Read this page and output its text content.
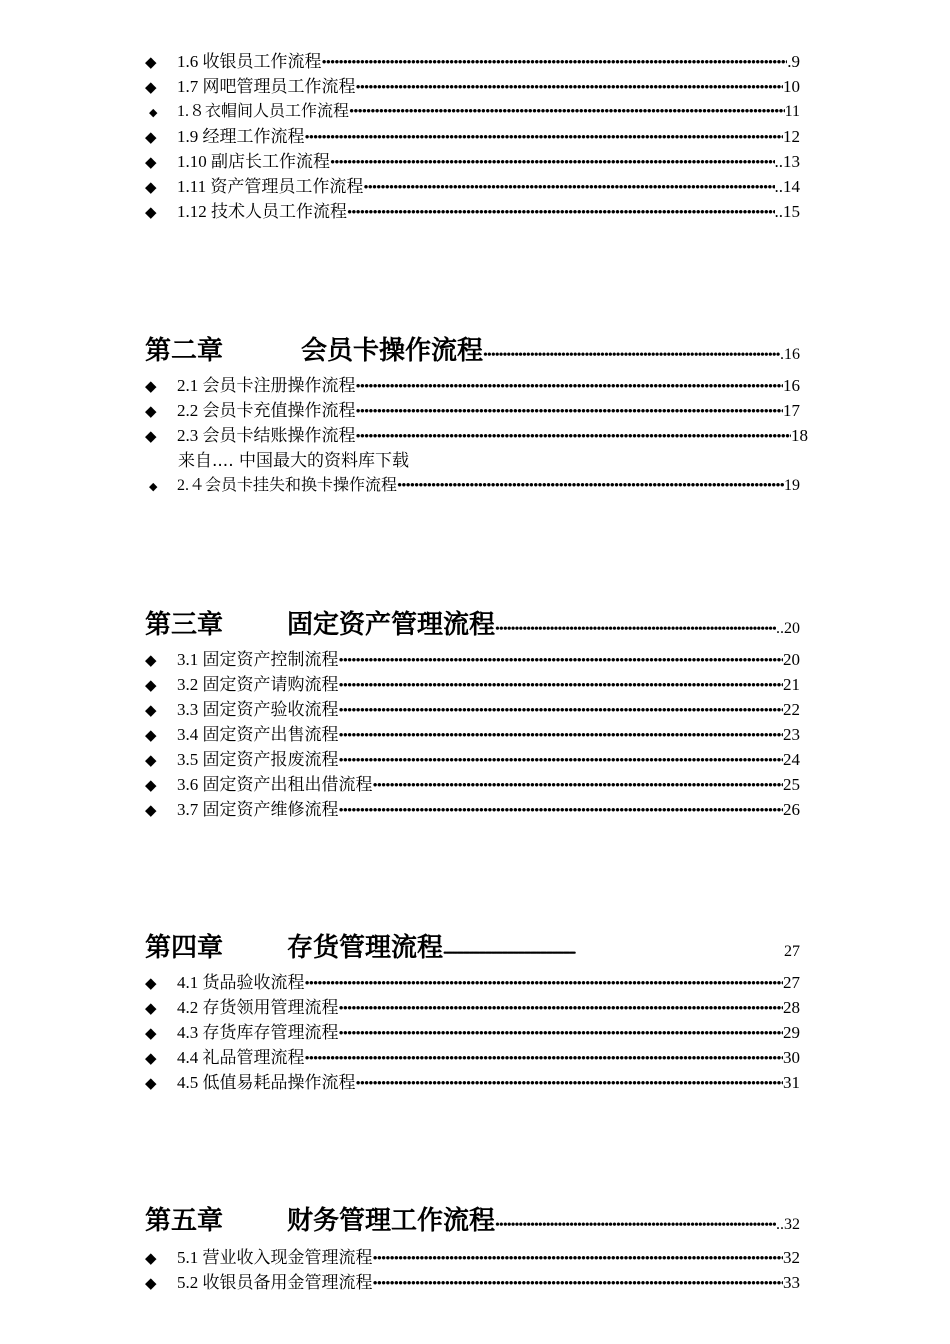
◆	1.6 收银员工作流程 •••••	.9
◆	1.7 网吧管理员工作流程 •••••	10
◆	1.８衣帽间人员工作流程 •••••	11
◆	1.9 经理工作流程 •••••	12
◆	1.10 副店长工作流程 •••••	..13
◆	1.11 资产管理员工作流程 •••••	..14
◆	1.12 技术人员工作流程 •••••	..15
第二章	会员卡操作流程 •••••	.16
◆	2.1 会员卡注册操作流程 •••••	16
◆	2.2 会员卡充值操作流程 •••••	17
◆	2.3 会员卡结账操作流程 •••••	18
来自.... 中国最大的资料库下载
◆	2.４会员卡挂失和换卡操作流程 •••••	19
第三章	固定资产管理流程 •••••	..20
◆	3.1 固定资产控制流程 •••••	20
◆	3.2 固定资产请购流程 •••••	21
◆	3.3 固定资产验收流程 •••••	22
◆	3.4 固定资产出售流程 •••••	23
◆	3.5 固定资产报废流程 •••••	24
◆	3.6 固定资产出租出借流程 •••••	25
◆	3.7 固定资产维修流程 •••••	26
第四章	存货管理流程 •••••	27
◆	4.1 货品验收流程 •••••	27
◆	4.2 存货领用管理流程 •••••	28
◆	4.3 存货库存管理流程 •••••	29
◆	4.4 礼品管理流程 •••••	30
◆	4.5 低值易耗品操作流程 •••••	31
第五章	财务管理工作流程 •••••	..32
◆	5.1 营业收入现金管理流程 •••••	32
◆	5.2 收银员备用金管理流程 •••••	33
